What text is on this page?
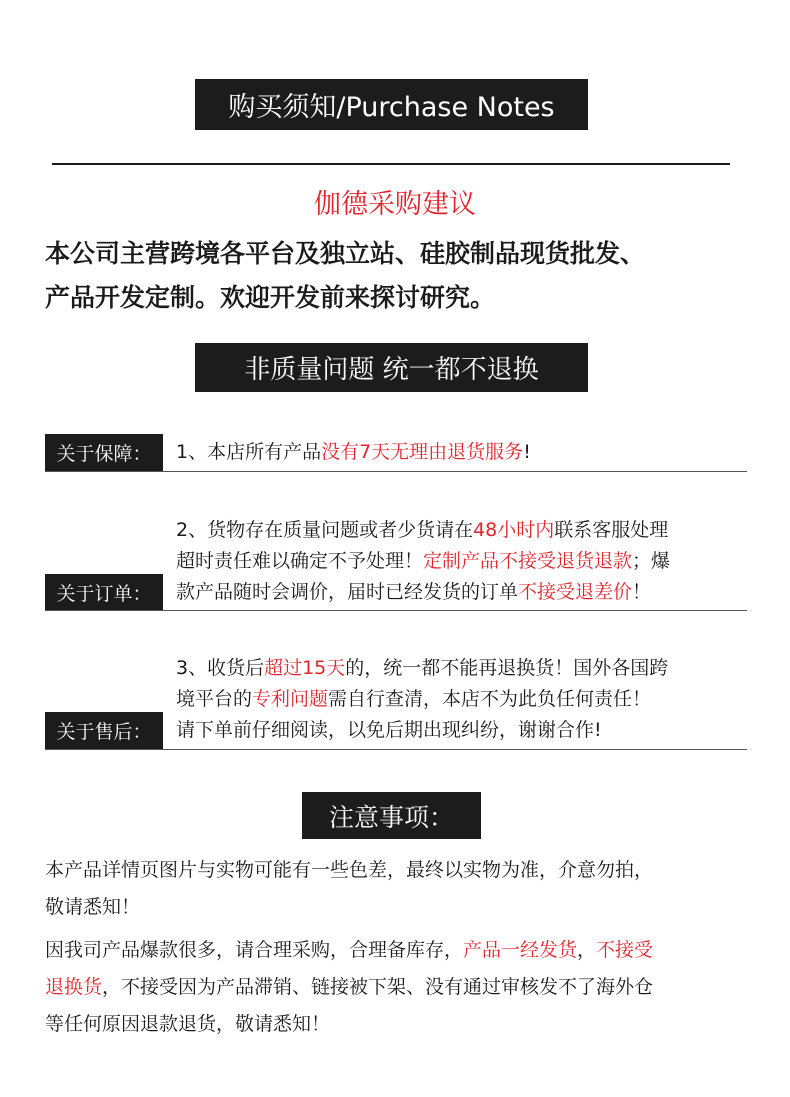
购买须知/Purchase Notes
伽德采购建议
本公司主营跨境各平台及独立站、硅胶制品现货批发、
产品开发定制。欢迎开发前来探讨研究。
非质量问题 统一都不退换
关于保障： 1、本店所有产品没有7天无理由退货服务!
关于订单：
2、货物存在质量问题或者少货请在48小时内联系客服处理
超时责任难以确定不予处理！定制产品不接受退货退款；爆
款产品随时会调价，届时已经发货的订单不接受退差价！
关于售后：
3、收货后超过15天的，统一都不能再退换货！国外各国跨
境平台的专利问题需自行查清，本店不为此负任何责任！
请下单前仔细阅读，以免后期出现纠纷，谢谢合作!
注意事项：
本产品详情页图片与实物可能有一些色差，最终以实物为准，介意勿拍，
敬请悉知！
因我司产品爆款很多，请合理采购，合理备库存，产品一经发货，不接受
退换货，不接受因为产品滞销、链接被下架、没有通过审核发不了海外仓
等任何原因退款退货，敬请悉知！
